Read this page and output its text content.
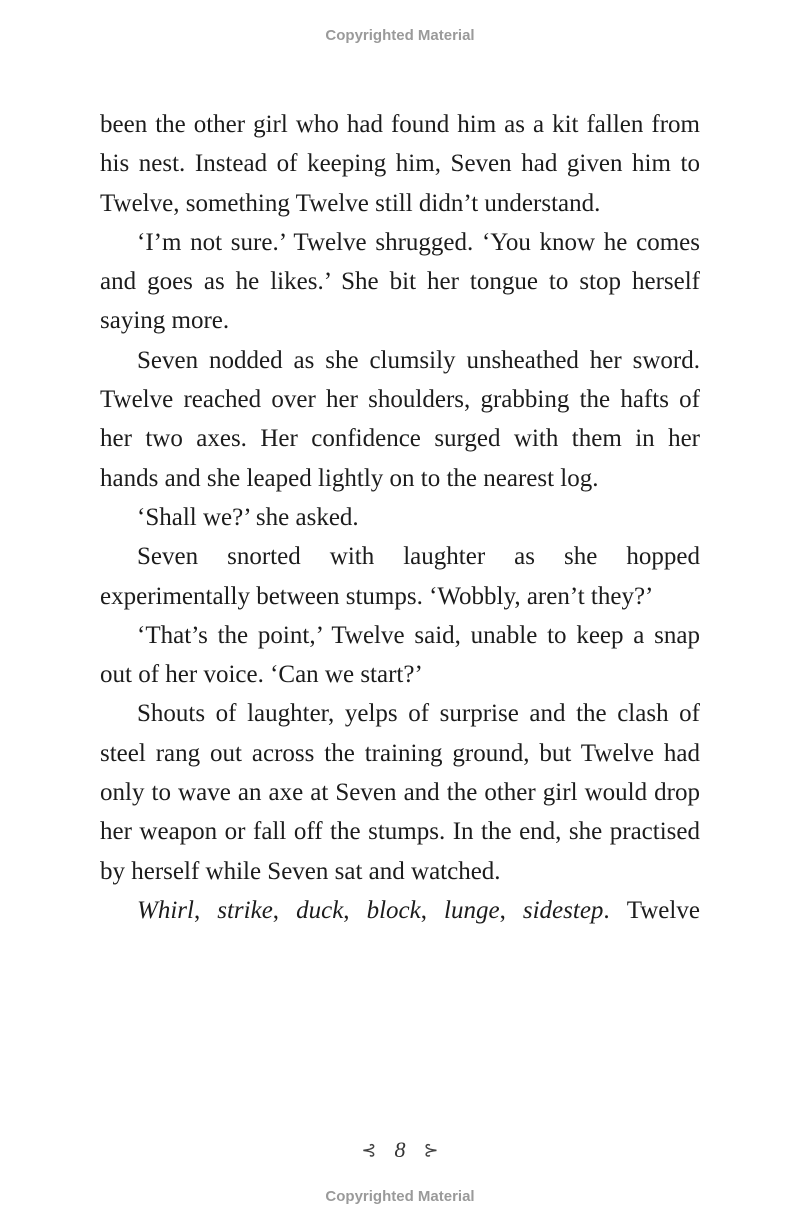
Copyrighted Material

been the other girl who had found him as a kit fallen from his nest. Instead of keeping him, Seven had given him to Twelve, something Twelve still didn’t understand.

‘I’m not sure.’ Twelve shrugged. ‘You know he comes and goes as he likes.’ She bit her tongue to stop herself saying more.

Seven nodded as she clumsily unsheathed her sword. Twelve reached over her shoulders, grabbing the hafts of her two axes. Her confidence surged with them in her hands and she leaped lightly on to the nearest log.

‘Shall we?’ she asked.

Seven snorted with laughter as she hopped experimentally between stumps. ‘Wobbly, aren’t they?’

‘That’s the point,’ Twelve said, unable to keep a snap out of her voice. ‘Can we start?’

Shouts of laughter, yelps of surprise and the clash of steel rang out across the training ground, but Twelve had only to wave an axe at Seven and the other girl would drop her weapon or fall off the stumps. In the end, she practised by herself while Seven sat and watched.

Whirl, strike, duck, block, lunge, sidestep. Twelve
⊰ 8 ⊱
Copyrighted Material
